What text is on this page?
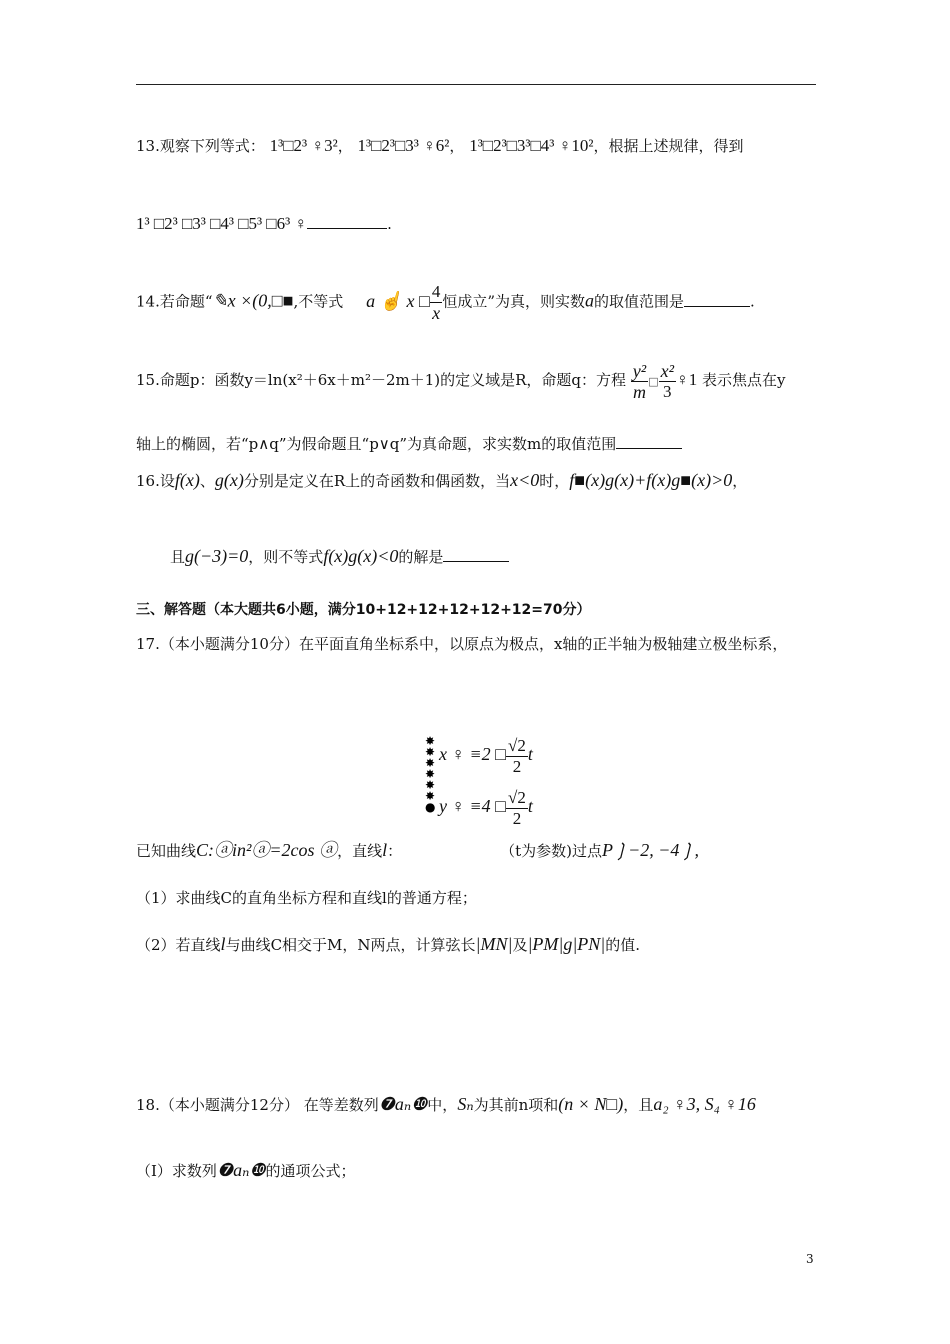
13.观察下列等式： 1³□2³ ♀3²， 1³□2³□3³ ♀6²， 1³□2³□3³□4³ ♀10²，根据上述规律，得到
1³ □2³ □3³ □4³ □5³ □6³ ♀	.
14.若命题“✎x ×(0,□■,不等式 a ☝ x □ $\frac{4}{x}$ 恒成立”为真，则实数a的取值范围是	.
15.命题p：函数y＝ln(x²＋6x＋m²－2m＋1)的定义域是R，命题q：方程 $\frac{\text{y²}}{m}$ □ $\frac{\text{x²}}{3}$ ♀1 表示焦点在y
轴上的椭圆，若“p∧q”为假命题且“p∨q”为真命题，求实数m的取值范围
16.设f(x)、g(x)分别是定义在R上的奇函数和偶函数，当x<0时，f■(x)g(x)+f(x)g■(x)>0，
且g(−3)=0，则不等式f(x)g(x)<0的解是
三、解答题（本大题共6小题，满分10+12+12+12+12+12=70分）
17.（本小题满分10分）在平面直角坐标系中，以原点为极点，x轴的正半轴为极轴建立极坐标系，
✸
✸
✸
✸
✸
✸
●
x ♀ ≡2 □ $\frac{√2}{2}$ t
y ♀ ≡4 □ $\frac{√2}{2}$ t
已知曲线C:ⓐin²ⓐ=2cos ⓐ，直线l：	（t为参数)过点P❳−2, −4❳,
（1）求曲线C的直角坐标方程和直线l的普通方程；
（2）若直线l与曲线C相交于M，N两点，计算弦长|MN|及|PM|g|PN|的值.
18.（本小题满分12分） 在等差数列❼aₙ❿中，Sₙ为其前n项和(n × N□)，且a₂ ♀3, S₄ ♀16
（Ⅰ）求数列❼aₙ❿的通项公式；
3
